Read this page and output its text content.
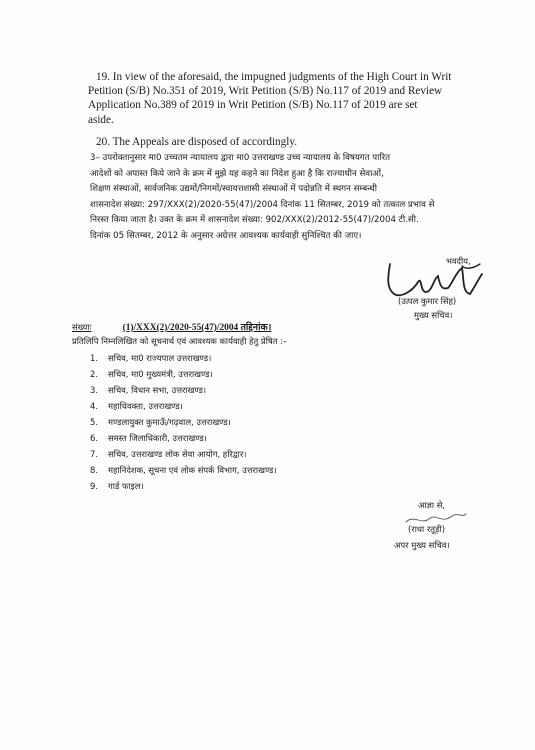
19. In view of the aforesaid, the impugned judgments of the High Court in Writ
Petition (S/B) No.351 of 2019, Writ Petition (S/B) No.117 of 2019 and Review
Application No.389 of 2019 in Writ Petition (S/B) No.117 of 2019 are set
aside.
20. The Appeals are disposed of accordingly.
3– उपरोक्तानुसार मा0 उच्चतम न्यायालय द्वारा मा0 उत्तराखण्ड उच्च न्यायालय के विषयगत पारित
आदेशों को अपास्त किये जाने के क्रम में मुझे यह कहने का निदेश हुआ है कि राज्याधीन सेवाओं,
शिक्षण संस्थाओं, सार्वजनिक उद्यमों/निगमों/स्वायत्तशासी संस्थाओं में पदोन्नति में स्थगन सम्बन्धी
शासनादेश संख्या: 297/XXX(2)/2020-55(47)/2004 दिनांक 11 सितम्बर, 2019 को तत्काल प्रभाव से
निरस्त किया जाता है। उक्त के क्रम में शासनादेश संख्या: 902/XXX(2)/2012-55(47)/2004 टी.सी.
दिनांक 05 सितम्बर, 2012 के अनुसार अग्रेत्तर आवश्यक कार्यवाही सुनिश्चित की जाए।
भवदीय,
(उत्पल कुमार सिंह)
मुख्य सचिव।
संख्याः	(1)/XXX(2)/2020-55(47)/2004 तद्दिनांक।
प्रतिलिपि निम्नलिखित को सूचनार्थ एवं आवश्यक कार्यवाही हेतु प्रेषित :–
1. सचिव, मा0 राज्यपाल उत्तराखण्ड।
2. सचिव, मा0 मुख्यमंत्री, उत्तराखण्ड।
3. सचिव, विधान सभा, उत्तराखण्ड।
4. महाधिवक्ता, उत्तराखण्ड।
5. मण्डलायुक्त कुमाऊँ/गढ़वाल, उत्तराखण्ड।
6. समस्त जिलाधिकारी, उत्तराखण्ड।
7. सचिव, उत्तराखण्ड लोक सेवा आयोग, हरिद्वार।
8. महानिदेशक, सूचना एवं लोक संपर्क विभाग, उत्तराखण्ड।
9. गार्ड फाइल।
आज्ञा से,
(राधा रतूड़ी)
अपर मुख्य सचिव।
